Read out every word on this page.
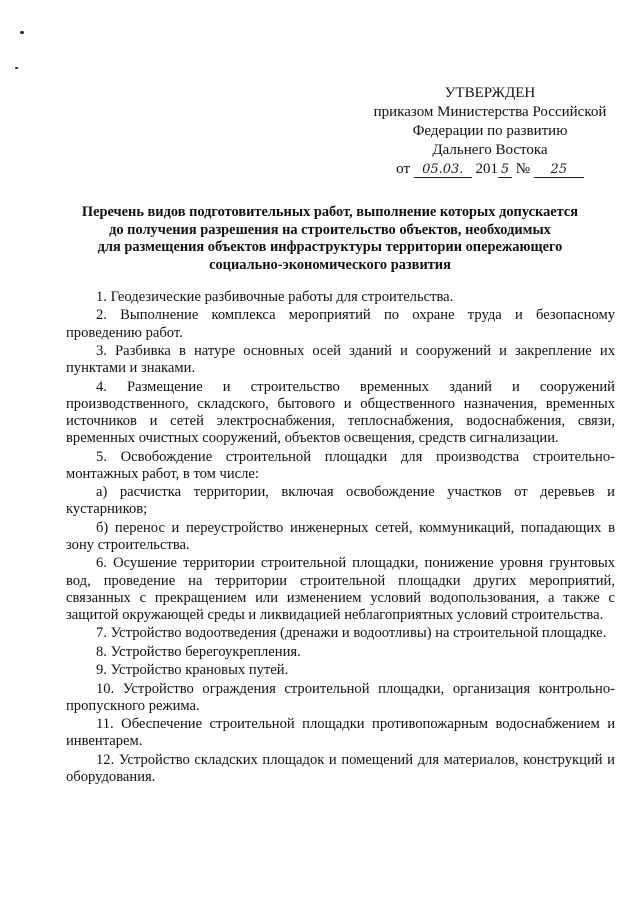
УТВЕРЖДЕН
приказом Министерства Российской
Федерации по развитию
Дальнего Востока
от 05.03. 201 5 № 25
Перечень видов подготовительных работ, выполнение которых допускается
до получения разрешения на строительство объектов, необходимых
для размещения объектов инфраструктуры территории опережающего
социально-экономического развития

1. Геодезические разбивочные работы для строительства.

2. Выполнение комплекса мероприятий по охране труда и безопасному проведению работ.

3. Разбивка в натуре основных осей зданий и сооружений и закрепление их пунктами и знаками.

4. Размещение и строительство временных зданий и сооружений производственного, складского, бытового и общественного назначения, временных источников и сетей электроснабжения, теплоснабжения, водоснабжения, связи, временных очистных сооружений, объектов освещения, средств сигнализации.

5. Освобождение строительной площадки для производства строительно-монтажных работ, в том числе:

а) расчистка территории, включая освобождение участков от деревьев и кустарников;

б) перенос и переустройство инженерных сетей, коммуникаций, попадающих в зону строительства.

6. Осушение территории строительной площадки, понижение уровня грунтовых вод, проведение на территории строительной площадки других мероприятий, связанных с прекращением или изменением условий водопользования, а также с защитой окружающей среды и ликвидацией неблагоприятных условий строительства.

7. Устройство водоотведения (дренажи и водоотливы) на строительной площадке.

8. Устройство берегоукрепления.

9. Устройство крановых путей.

10. Устройство ограждения строительной площадки, организация контрольно-пропускного режима.

11. Обеспечение строительной площадки противопожарным водоснабжением и инвентарем.

12. Устройство складских площадок и помещений для материалов, конструкций и оборудования.
